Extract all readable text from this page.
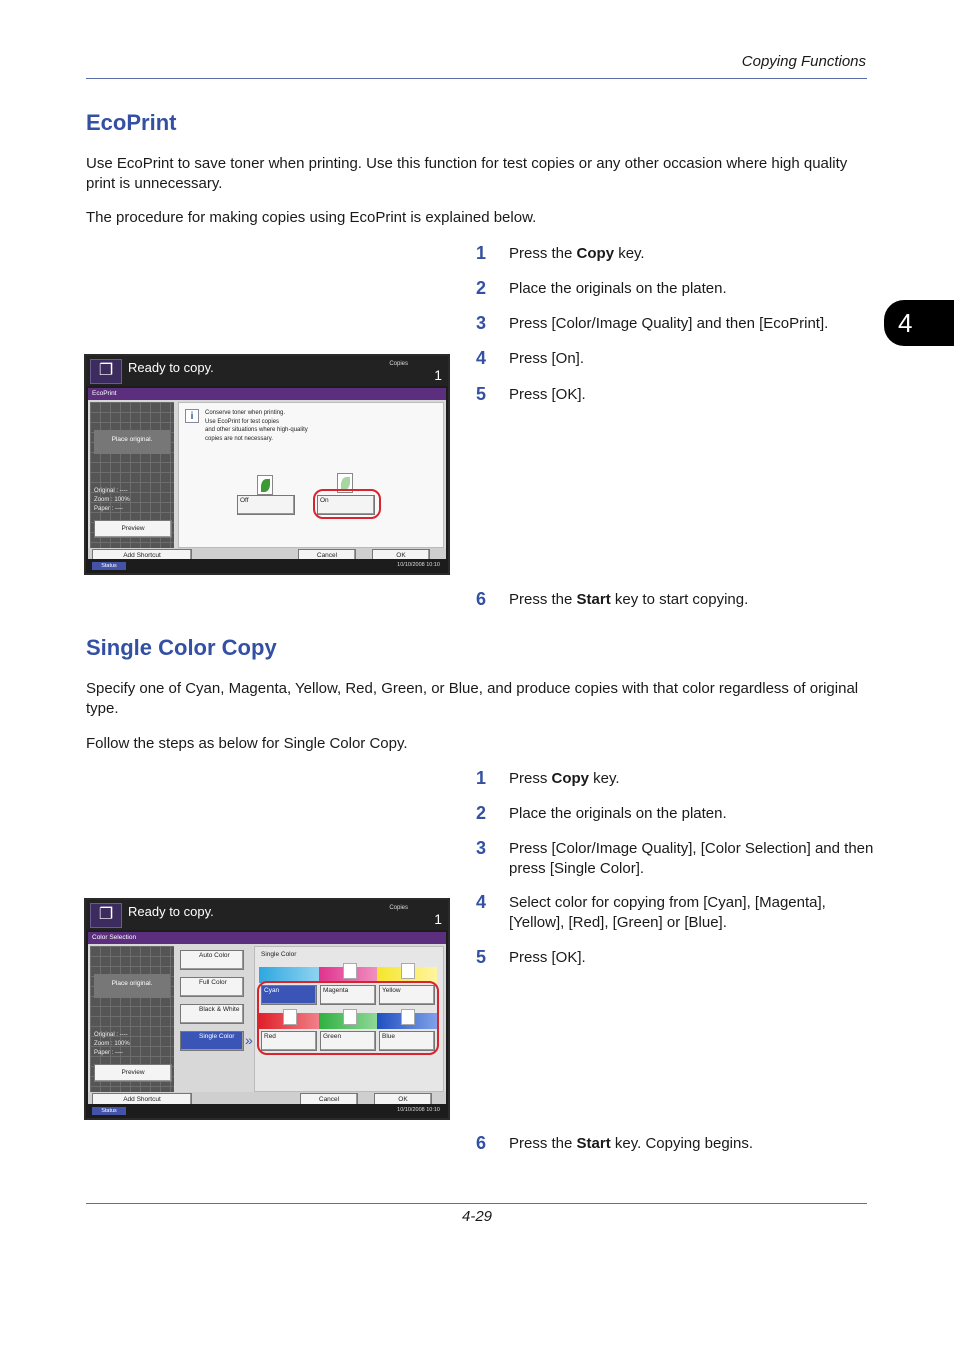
Copying Functions
4
EcoPrint
Use EcoPrint to save toner when printing. Use this function for test copies or any other occasion where high quality print is unnecessary.
The procedure for making copies using EcoPrint is explained below.
1	Press the Copy key.
2	Place the originals on the platen.
3	Press [Color/Image Quality] and then [EcoPrint].
4	Press [On].
5	Press [OK].
6	Press the Start key to start copying.
❐	Ready to copy.	Copies
1
EcoPrint
Place original.
Original : ----
Zoom : 100%
Paper : ----
Preview
i	Conserve toner when printing.
Use EcoPrint for test copies
and other situations where high-quality
copies are not necessary.
Off	On
Add Shortcut	Cancel	OK
Status	10/10/2008 10:10
Single Color Copy
Specify one of Cyan, Magenta, Yellow, Red, Green, or Blue, and produce copies with that color regardless of original type.
Follow the steps as below for Single Color Copy.
1	Press Copy key.
2	Place the originals on the platen.
3	Press [Color/Image Quality], [Color Selection] and then press [Single Color].
4	Select color for copying from [Cyan], [Magenta], [Yellow], [Red], [Green] or [Blue].
5	Press [OK].
6	Press the Start key. Copying begins.
❐	Ready to copy.	Copies
1
Color Selection
Place original.
Original : ----
Zoom : 100%
Paper : ----
Preview
Auto Color
Full Color
Black & White
Single Color »
Single Color
Cyan	Magenta	Yellow
Red	Green	Blue
Add Shortcut	Cancel	OK
Status	10/10/2008 10:10
4-29
